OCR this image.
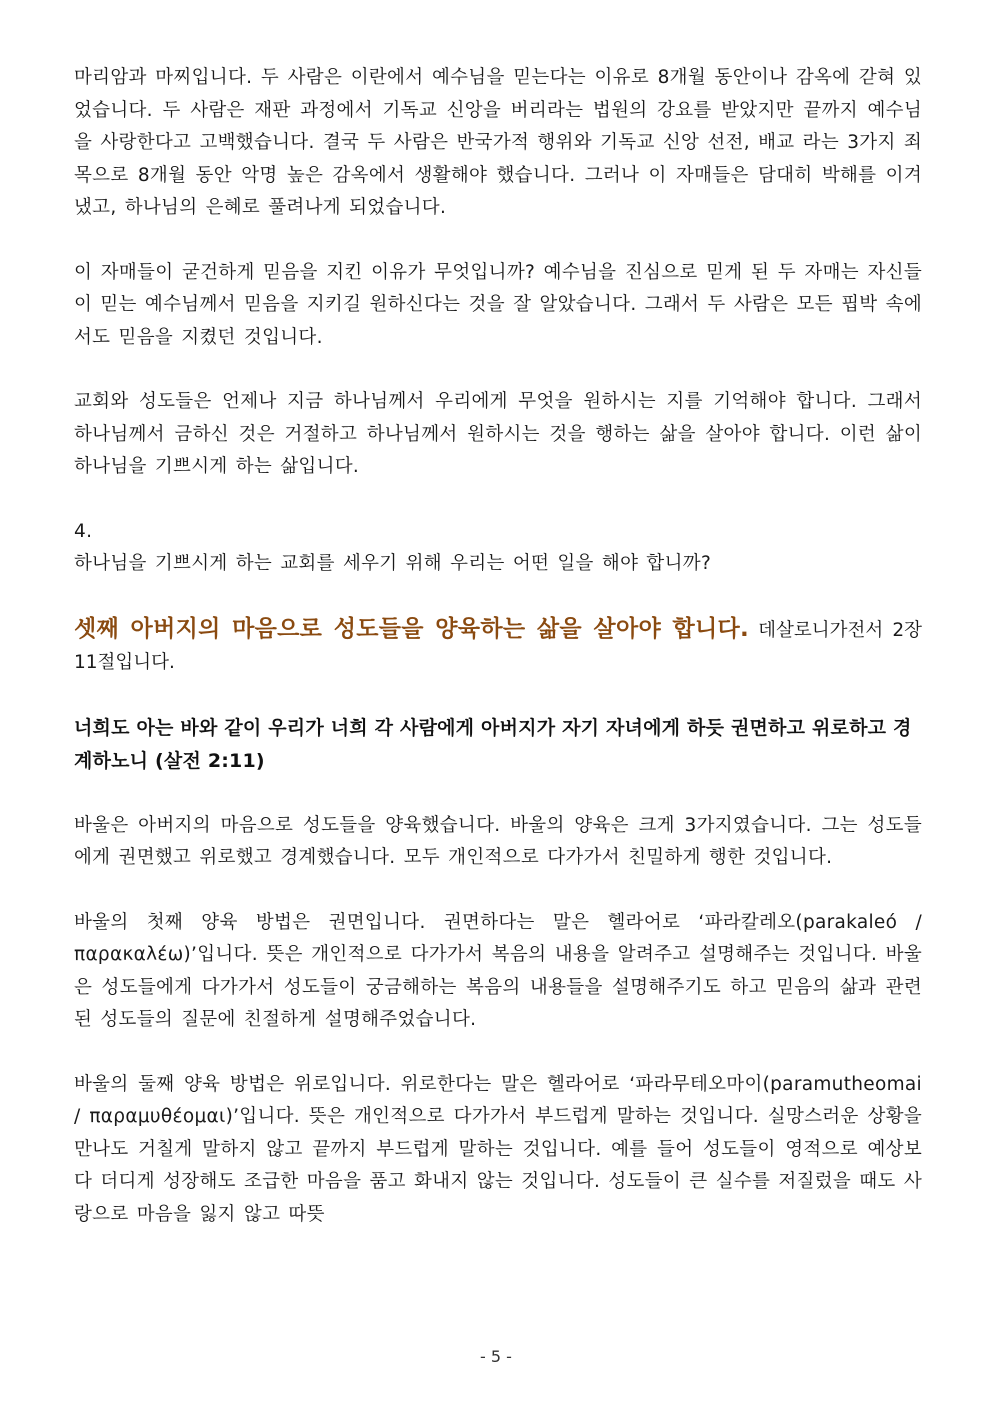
마리암과 마찌입니다. 두 사람은 이란에서 예수님을 믿는다는 이유로 8개월 동안이나 감옥에 갇혀 있었습니다. 두 사람은 재판 과정에서 기독교 신앙을 버리라는 법원의 강요를 받았지만 끝까지 예수님을 사랑한다고 고백했습니다. 결국 두 사람은 반국가적 행위와 기독교 신앙 선전, 배교 라는 3가지 죄목으로 8개월 동안 악명 높은 감옥에서 생활해야 했습니다. 그러나 이 자매들은 담대히 박해를 이겨냈고, 하나님의 은혜로 풀려나게 되었습니다.

이 자매들이 굳건하게 믿음을 지킨 이유가 무엇입니까? 예수님을 진심으로 믿게 된 두 자매는 자신들이 믿는 예수님께서 믿음을 지키길 원하신다는 것을 잘 알았습니다. 그래서 두 사람은 모든 핍박 속에서도 믿음을 지켰던 것입니다.

교회와 성도들은 언제나 지금 하나님께서 우리에게 무엇을 원하시는 지를 기억해야 합니다. 그래서 하나님께서 금하신 것은 거절하고 하나님께서 원하시는 것을 행하는 삶을 살아야 합니다. 이런 삶이 하나님을 기쁘시게 하는 삶입니다.

4.

하나님을 기쁘시게 하는 교회를 세우기 위해 우리는 어떤 일을 해야 합니까?

셋째 아버지의 마음으로 성도들을 양육하는 삶을 살아야 합니다. 데살로니가전서 2장 11절입니다.

너희도 아는 바와 같이 우리가 너희 각 사람에게 아버지가 자기 자녀에게 하듯 권면하고 위로하고 경계하노니 (살전 2:11)

바울은 아버지의 마음으로 성도들을 양육했습니다. 바울의 양육은 크게 3가지였습니다. 그는 성도들에게 권면했고 위로했고 경계했습니다. 모두 개인적으로 다가가서 친밀하게 행한 것입니다.

바울의 첫째 양육 방법은 권면입니다. 권면하다는 말은 헬라어로 ‘파라칼레오(parakaleó / παρακαλέω)’입니다. 뜻은 개인적으로 다가가서 복음의 내용을 알려주고 설명해주는 것입니다. 바울은 성도들에게 다가가서 성도들이 궁금해하는 복음의 내용들을 설명해주기도 하고 믿음의 삶과 관련된 성도들의 질문에 친절하게 설명해주었습니다.

바울의 둘째 양육 방법은 위로입니다. 위로한다는 말은 헬라어로 ‘파라무테오마이(paramutheomai / παραμυθέομαι)’입니다. 뜻은 개인적으로 다가가서 부드럽게 말하는 것입니다. 실망스러운 상황을 만나도 거칠게 말하지 않고 끝까지 부드럽게 말하는 것입니다. 예를 들어 성도들이 영적으로 예상보다 더디게 성장해도 조급한 마음을 품고 화내지 않는 것입니다. 성도들이 큰 실수를 저질렀을 때도 사랑으로 마음을 잃지 않고 따뜻

- 5 -
